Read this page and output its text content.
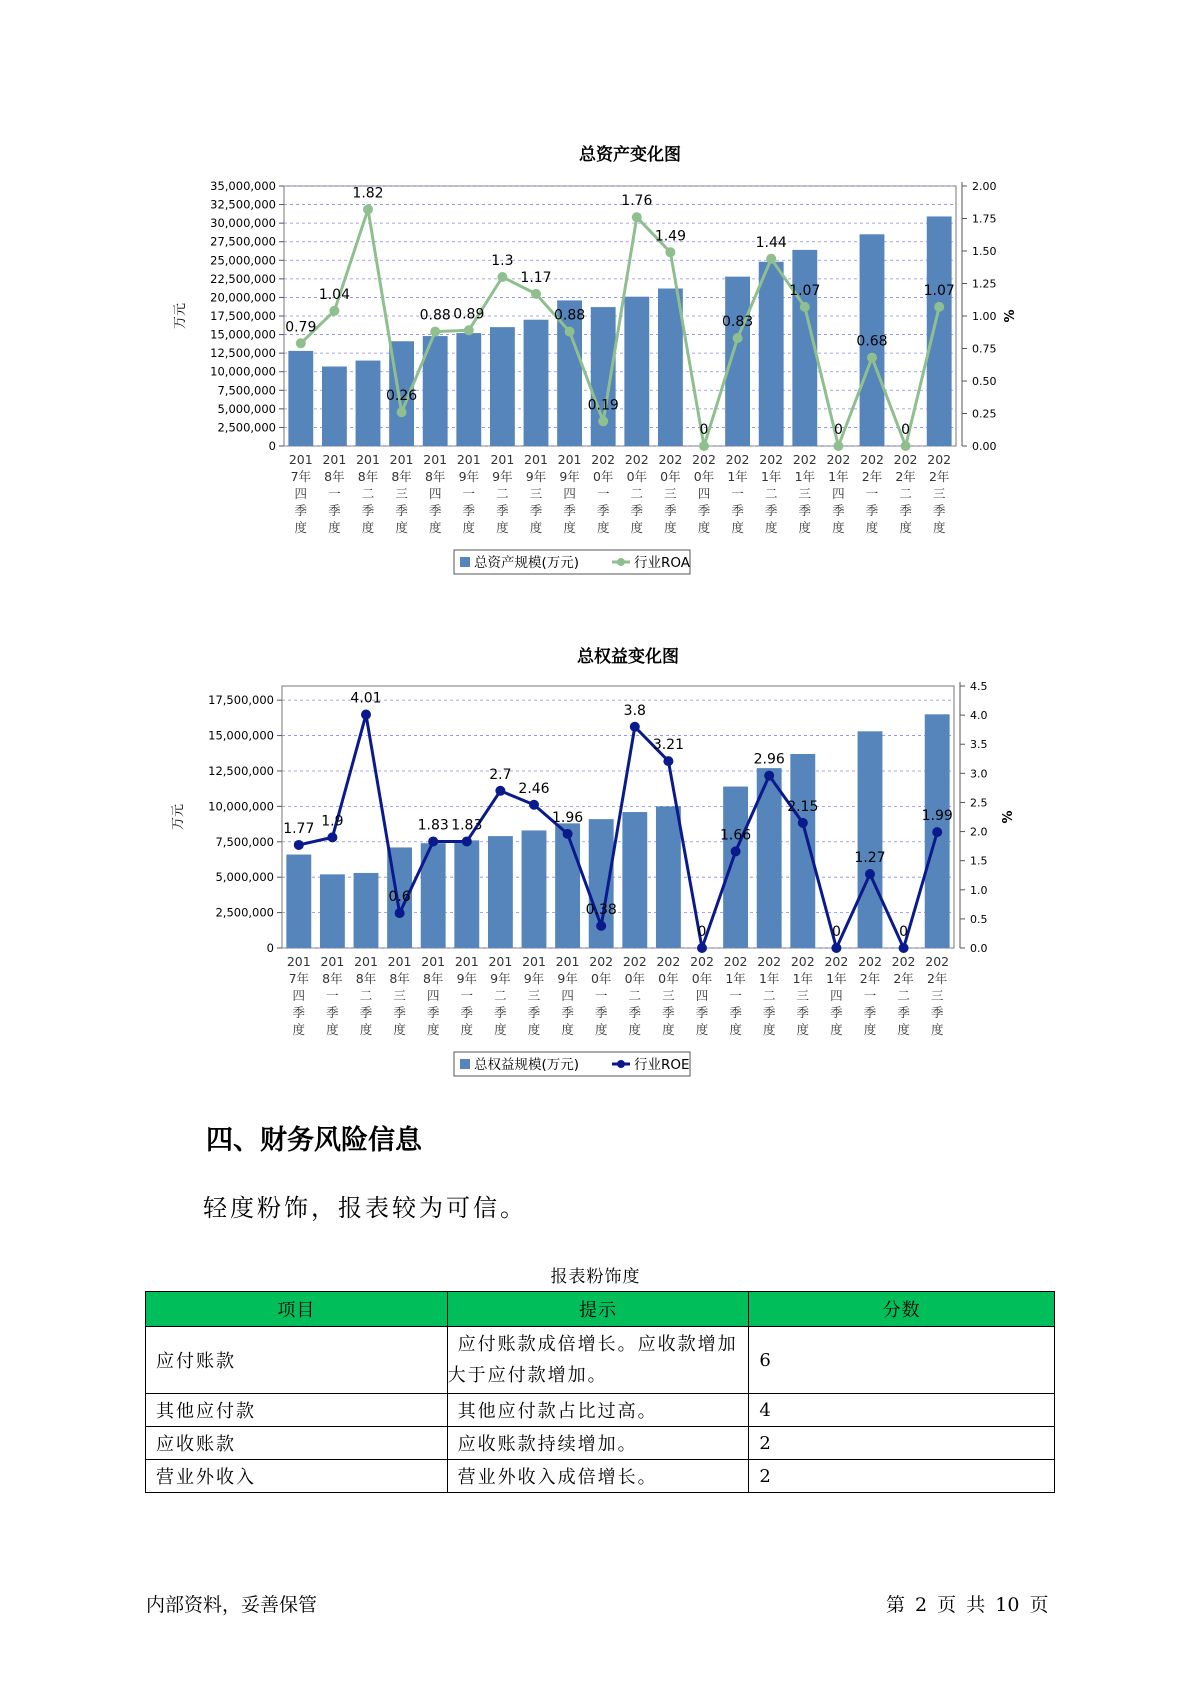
总资产变化图
0
2,500,000
5,000,000
7,500,000
10,000,000
12,500,000
15,000,000
17,500,000
20,000,000
22,500,000
25,000,000
27,500,000
30,000,000
32,500,000
35,000,000
0.00
0.25
0.50
0.75
1.00
1.25
1.50
1.75
2.00
万元	%
201 7年四季度
201 8年一季度
201 8年二季度
201 8年三季度
201 8年四季度
201 9年一季度
201 9年二季度
201 9年三季度
201 9年四季度
202 0年一季度
202 0年二季度
202 0年三季度
202 0年四季度
202 1年一季度
202 1年二季度
202 1年三季度
202 1年四季度
202 2年一季度
202 2年二季度
202 2年三季度
0.79
1.04
1.82
0.26
0.88 0.89
1.3
1.17
0.88
0.19
1.76
1.49
0
0.83
1.44
1.07
0
0.68
0
1.07
总资产规模(万元)	行业ROA
总权益变化图
0
2,500,000
5,000,000
7,500,000
10,000,000
12,500,000
15,000,000
17,500,000
0.0
0.5
1.0
1.5
2.0
2.5
3.0
3.5
4.0
4.5
万元	%
201 7年四季度
201 8年一季度
201 8年二季度
201 8年三季度
201 8年四季度
201 9年一季度
201 9年二季度
201 9年三季度
201 9年四季度
202 0年一季度
202 0年二季度
202 0年三季度
202 0年四季度
202 1年一季度
202 1年二季度
202 1年三季度
202 1年四季度
202 2年一季度
202 2年二季度
202 2年三季度
1.77 1.9
4.01
0.6
1.83 1.83
2.7
2.46
1.96
0.38
3.8
3.21
0
1.66
2.96
2.15
0
1.27
0
1.99
总权益规模(万元)	行业ROE
四、财务风险信息
轻度粉饰，报表较为可信。
报表粉饰度
项目	提示	分数
应付账款	应付账款成倍增长。应收款增加
大于应付款增加。	6
其他应付款	其他应付款占比过高。	4
应收账款	应收账款持续增加。	2
营业外收入	营业外收入成倍增长。	2
内部资料，妥善保管	第 2 页 共 10 页
